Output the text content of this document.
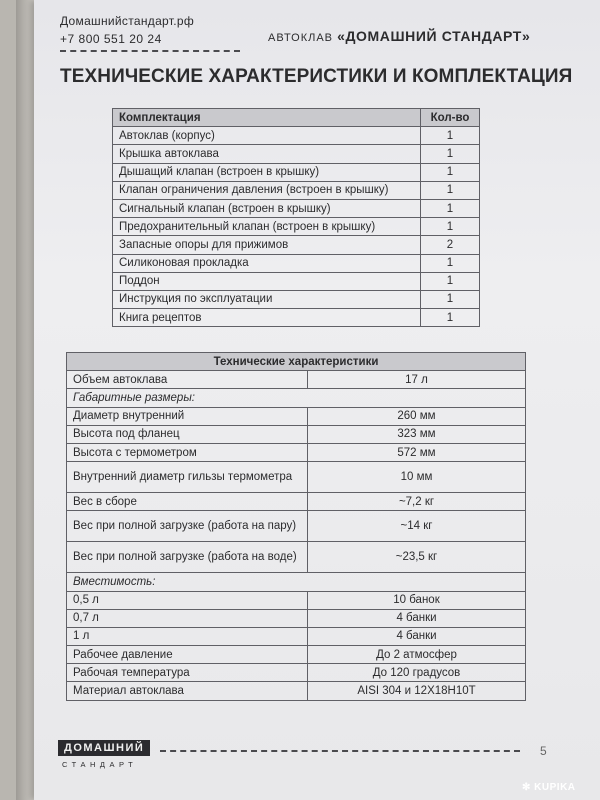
Домашнийстандарт.рф
+7 800 551 20 24	АВТОКЛАВ «ДОМАШНИЙ СТАНДАРТ»
ТЕХНИЧЕСКИЕ ХАРАКТЕРИСТИКИ И КОМПЛЕКТАЦИЯ
Комплектация	Кол-во
Автоклав (корпус)	1
Крышка автоклава	1
Дышащий клапан (встроен в крышку)	1
Клапан ограничения давления (встроен в крышку)	1
Сигнальный клапан (встроен в крышку)	1
Предохранительный клапан (встроен в крышку)	1
Запасные опоры для прижимов	2
Силиконовая прокладка	1
Поддон	1
Инструкция по эксплуатации	1
Книга рецептов	1
Технические характеристики	
Объем автоклава	17 л
Габаритные размеры:	
Диаметр внутренний	260 мм
Высота под фланец	323 мм
Высота с термометром	572 мм
Внутренний диаметр гильзы термометра	10 мм
Вес в сборе	~7,2 кг
Вес при полной загрузке (работа на пару)	~14 кг
Вес при полной загрузке (работа на воде)	~23,5 кг
Вместимость:	
0,5 л	10 банок
0,7 л	4 банки
1 л	4 банки
Рабочее давление	До 2 атмосфер
Рабочая температура	До 120 градусов
Материал автоклава	AISI 304 и 12Х18Н10Т
ДОМАШНИЙ
СТАНДАРТ
5
✻ KUPIKA
